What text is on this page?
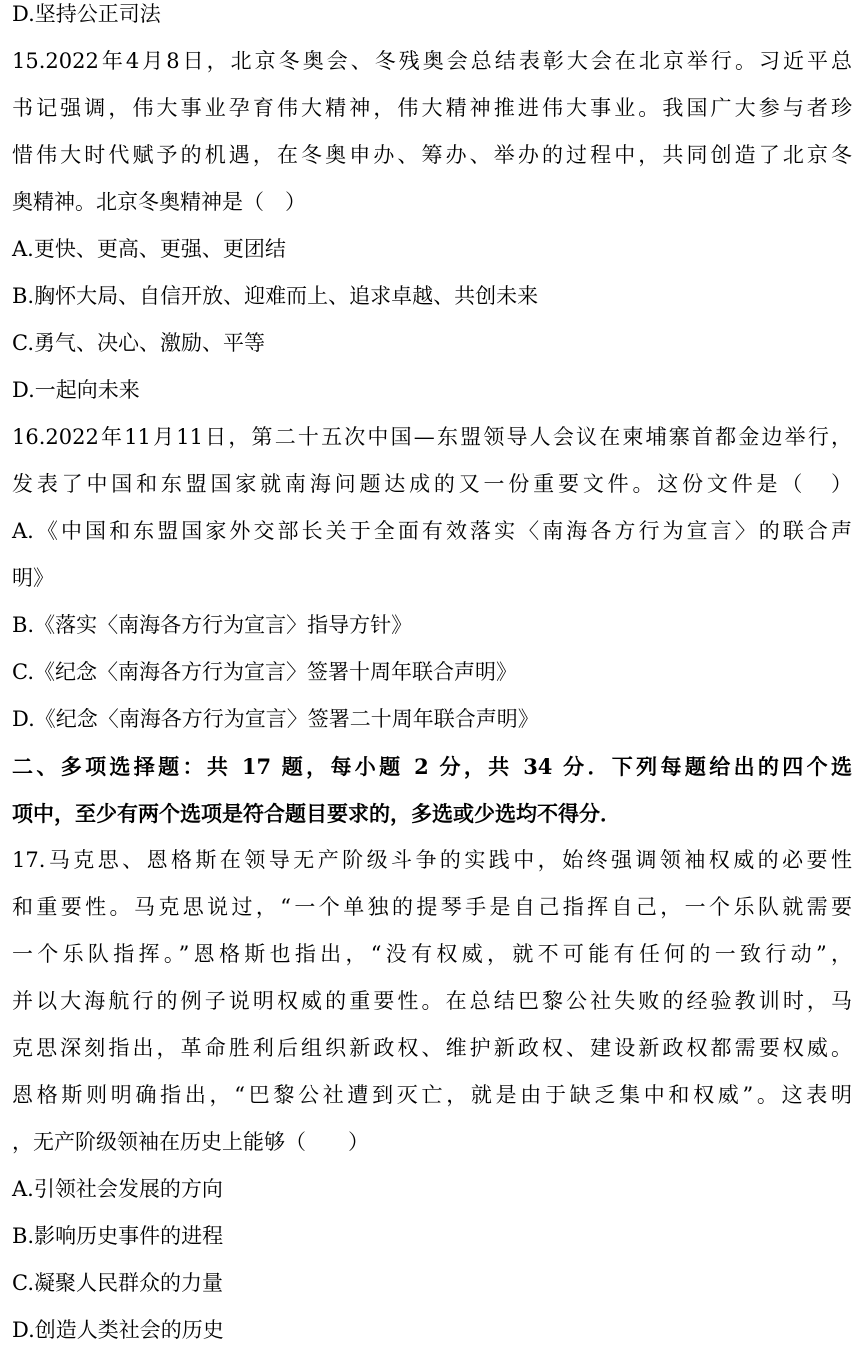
D.坚持公正司法
15.2022年4月8日，北京冬奥会、冬残奥会总结表彰大会在北京举行。习近平总
书记强调，伟大事业孕育伟大精神，伟大精神推进伟大事业。我国广大参与者珍
惜伟大时代赋予的机遇，在冬奥申办、筹办、举办的过程中，共同创造了北京冬
奥精神。北京冬奥精神是（　）
A.更快、更高、更强、更团结
B.胸怀大局、自信开放、迎难而上、追求卓越、共创未来
C.勇气、决心、激励、平等
D.一起向未来
16.2022年11月11日，第二十五次中国—东盟领导人会议在柬埔寨首都金边举行，
发表了中国和东盟国家就南海问题达成的又一份重要文件。这份文件是（　）
A.《中国和东盟国家外交部长关于全面有效落实〈南海各方行为宣言〉的联合声
明》
B.《落实〈南海各方行为宣言〉指导方针》
C.《纪念〈南海各方行为宣言〉签署十周年联合声明》
D.《纪念〈南海各方行为宣言〉签署二十周年联合声明》
二、多项选择题：共 17 题，每小题 2 分，共 34 分．下列每题给出的四个选
项中，至少有两个选项是符合题目要求的，多选或少选均不得分．
17.马克思、恩格斯在领导无产阶级斗争的实践中，始终强调领袖权威的必要性
和重要性。马克思说过，“一个单独的提琴手是自己指挥自己，一个乐队就需要
一个乐队指挥。”恩格斯也指出，“没有权威，就不可能有任何的一致行动”，
并以大海航行的例子说明权威的重要性。在总结巴黎公社失败的经验教训时，马
克思深刻指出，革命胜利后组织新政权、维护新政权、建设新政权都需要权威。
恩格斯则明确指出，“巴黎公社遭到灭亡，就是由于缺乏集中和权威”。这表明
，无产阶级领袖在历史上能够（　　）
A.引领社会发展的方向
B.影响历史事件的进程
C.凝聚人民群众的力量
D.创造人类社会的历史
